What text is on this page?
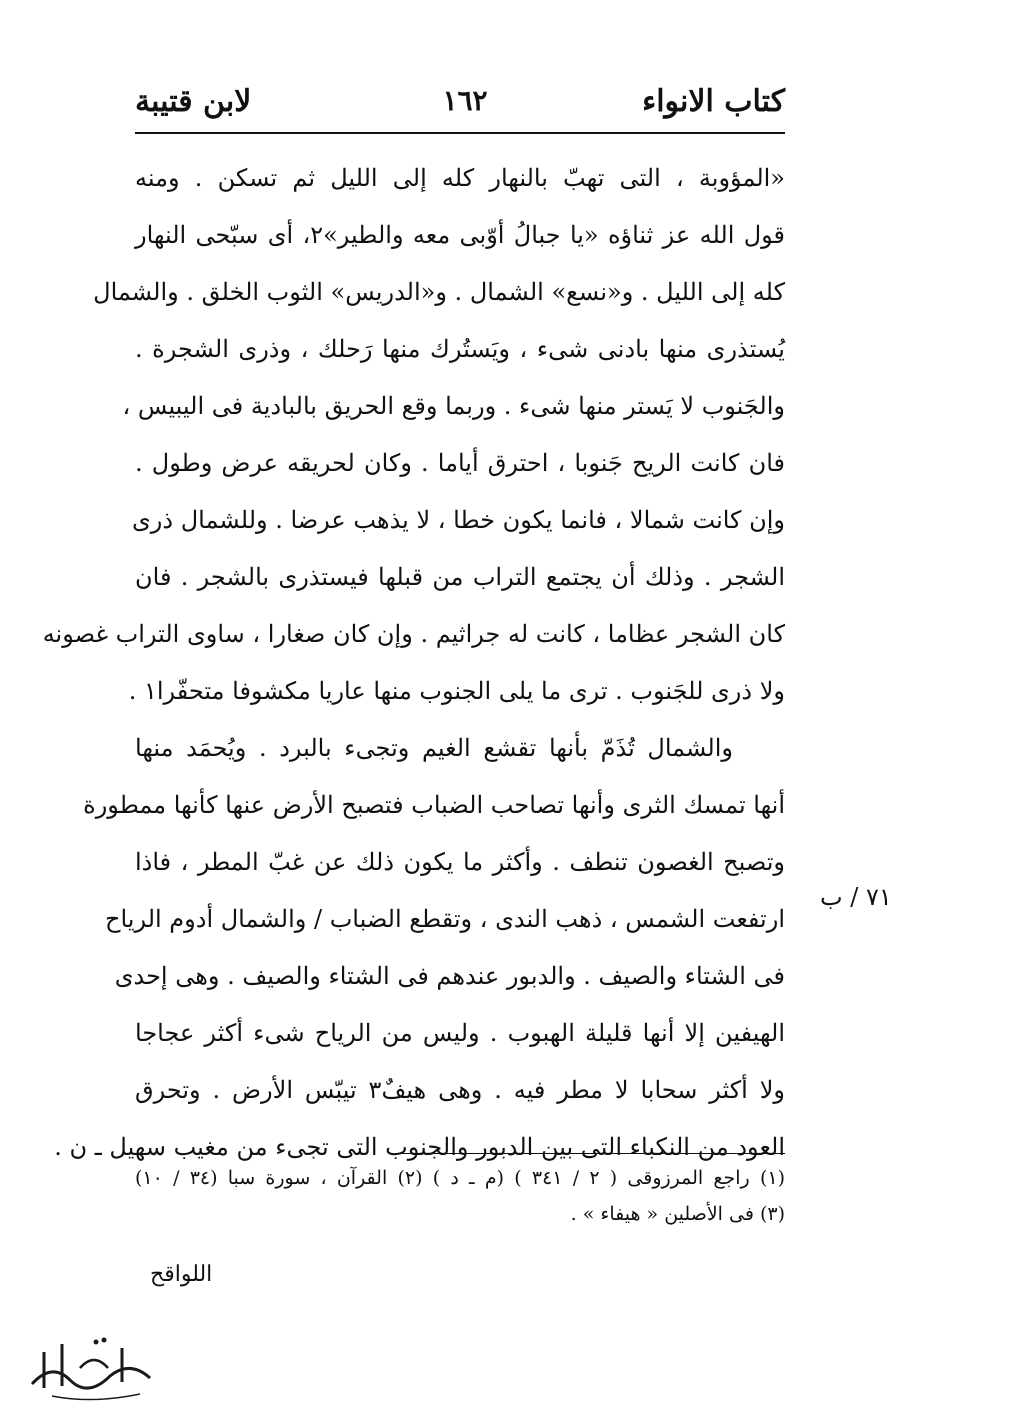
كتاب الانواء
١٦٢
لابن قتيبة
«المؤوبة ، التى تهبّ بالنهار كله إلى الليل ثم تسكن . ومنه
قول الله عز ثناؤه «يا جبالُ أوّبى معه والطير»٢، أى سبّحى النهار
كله إلى الليل . و«نسع» الشمال . و«الدريس» الثوب الخلق . والشمال
يُستذرى منها بادنى شىء ، ويَستُرك منها رَحلك ، وذرى الشجرة .
والجَنوب لا يَستر منها شىء . وربما وقع الحريق بالبادية فى اليبيس ،
فان كانت الريح جَنوبا ، احترق أياما . وكان لحريقه عرض وطول .
وإن كانت شمالا ، فانما يكون خطا ، لا يذهب عرضا . وللشمال ذرى
الشجر . وذلك أن يجتمع التراب من قبلها فيستذرى بالشجر . فان
كان الشجر عظاما ، كانت له جراثيم . وإن كان صغارا ، ساوى التراب غصونه
ولا ذرى للجَنوب . ترى ما يلى الجنوب منها عاريا مكشوفا متحفّرا١ .
والشمال تُذَمّ بأنها تقشع الغيم وتجىء بالبرد . ويُحمَد منها
أنها تمسك الثرى وأنها تصاحب الضباب فتصبح الأرض عنها كأنها ممطورة
وتصبح الغصون تنطف . وأكثر ما يكون ذلك عن غبّ المطر ، فاذا
ارتفعت الشمس ، ذهب الندى ، وتقطع الضباب / والشمال أدوم الرياح
فى الشتاء والصيف . والدبور عندهم فى الشتاء والصيف . وهى إحدى
الهيفين إلا أنها قليلة الهبوب . وليس من الرياح شىء أكثر عجاجا
ولا أكثر سحابا لا مطر فيه . وهى هيفٌ٣ تيبّس الأرض . وتحرق
العود من النكباء التى بين الدبور والجنوب التى تجىء من مغيب سهيل ـ ن .
٧١ / ب
(١) راجع المرزوقى ( ٢ / ٣٤١ ) (م ـ د ) (٢) القرآن ، سورة سبا (٣٤ / ١٠)
(٣) فى الأصلين « هيفاء » .
اللواقح
